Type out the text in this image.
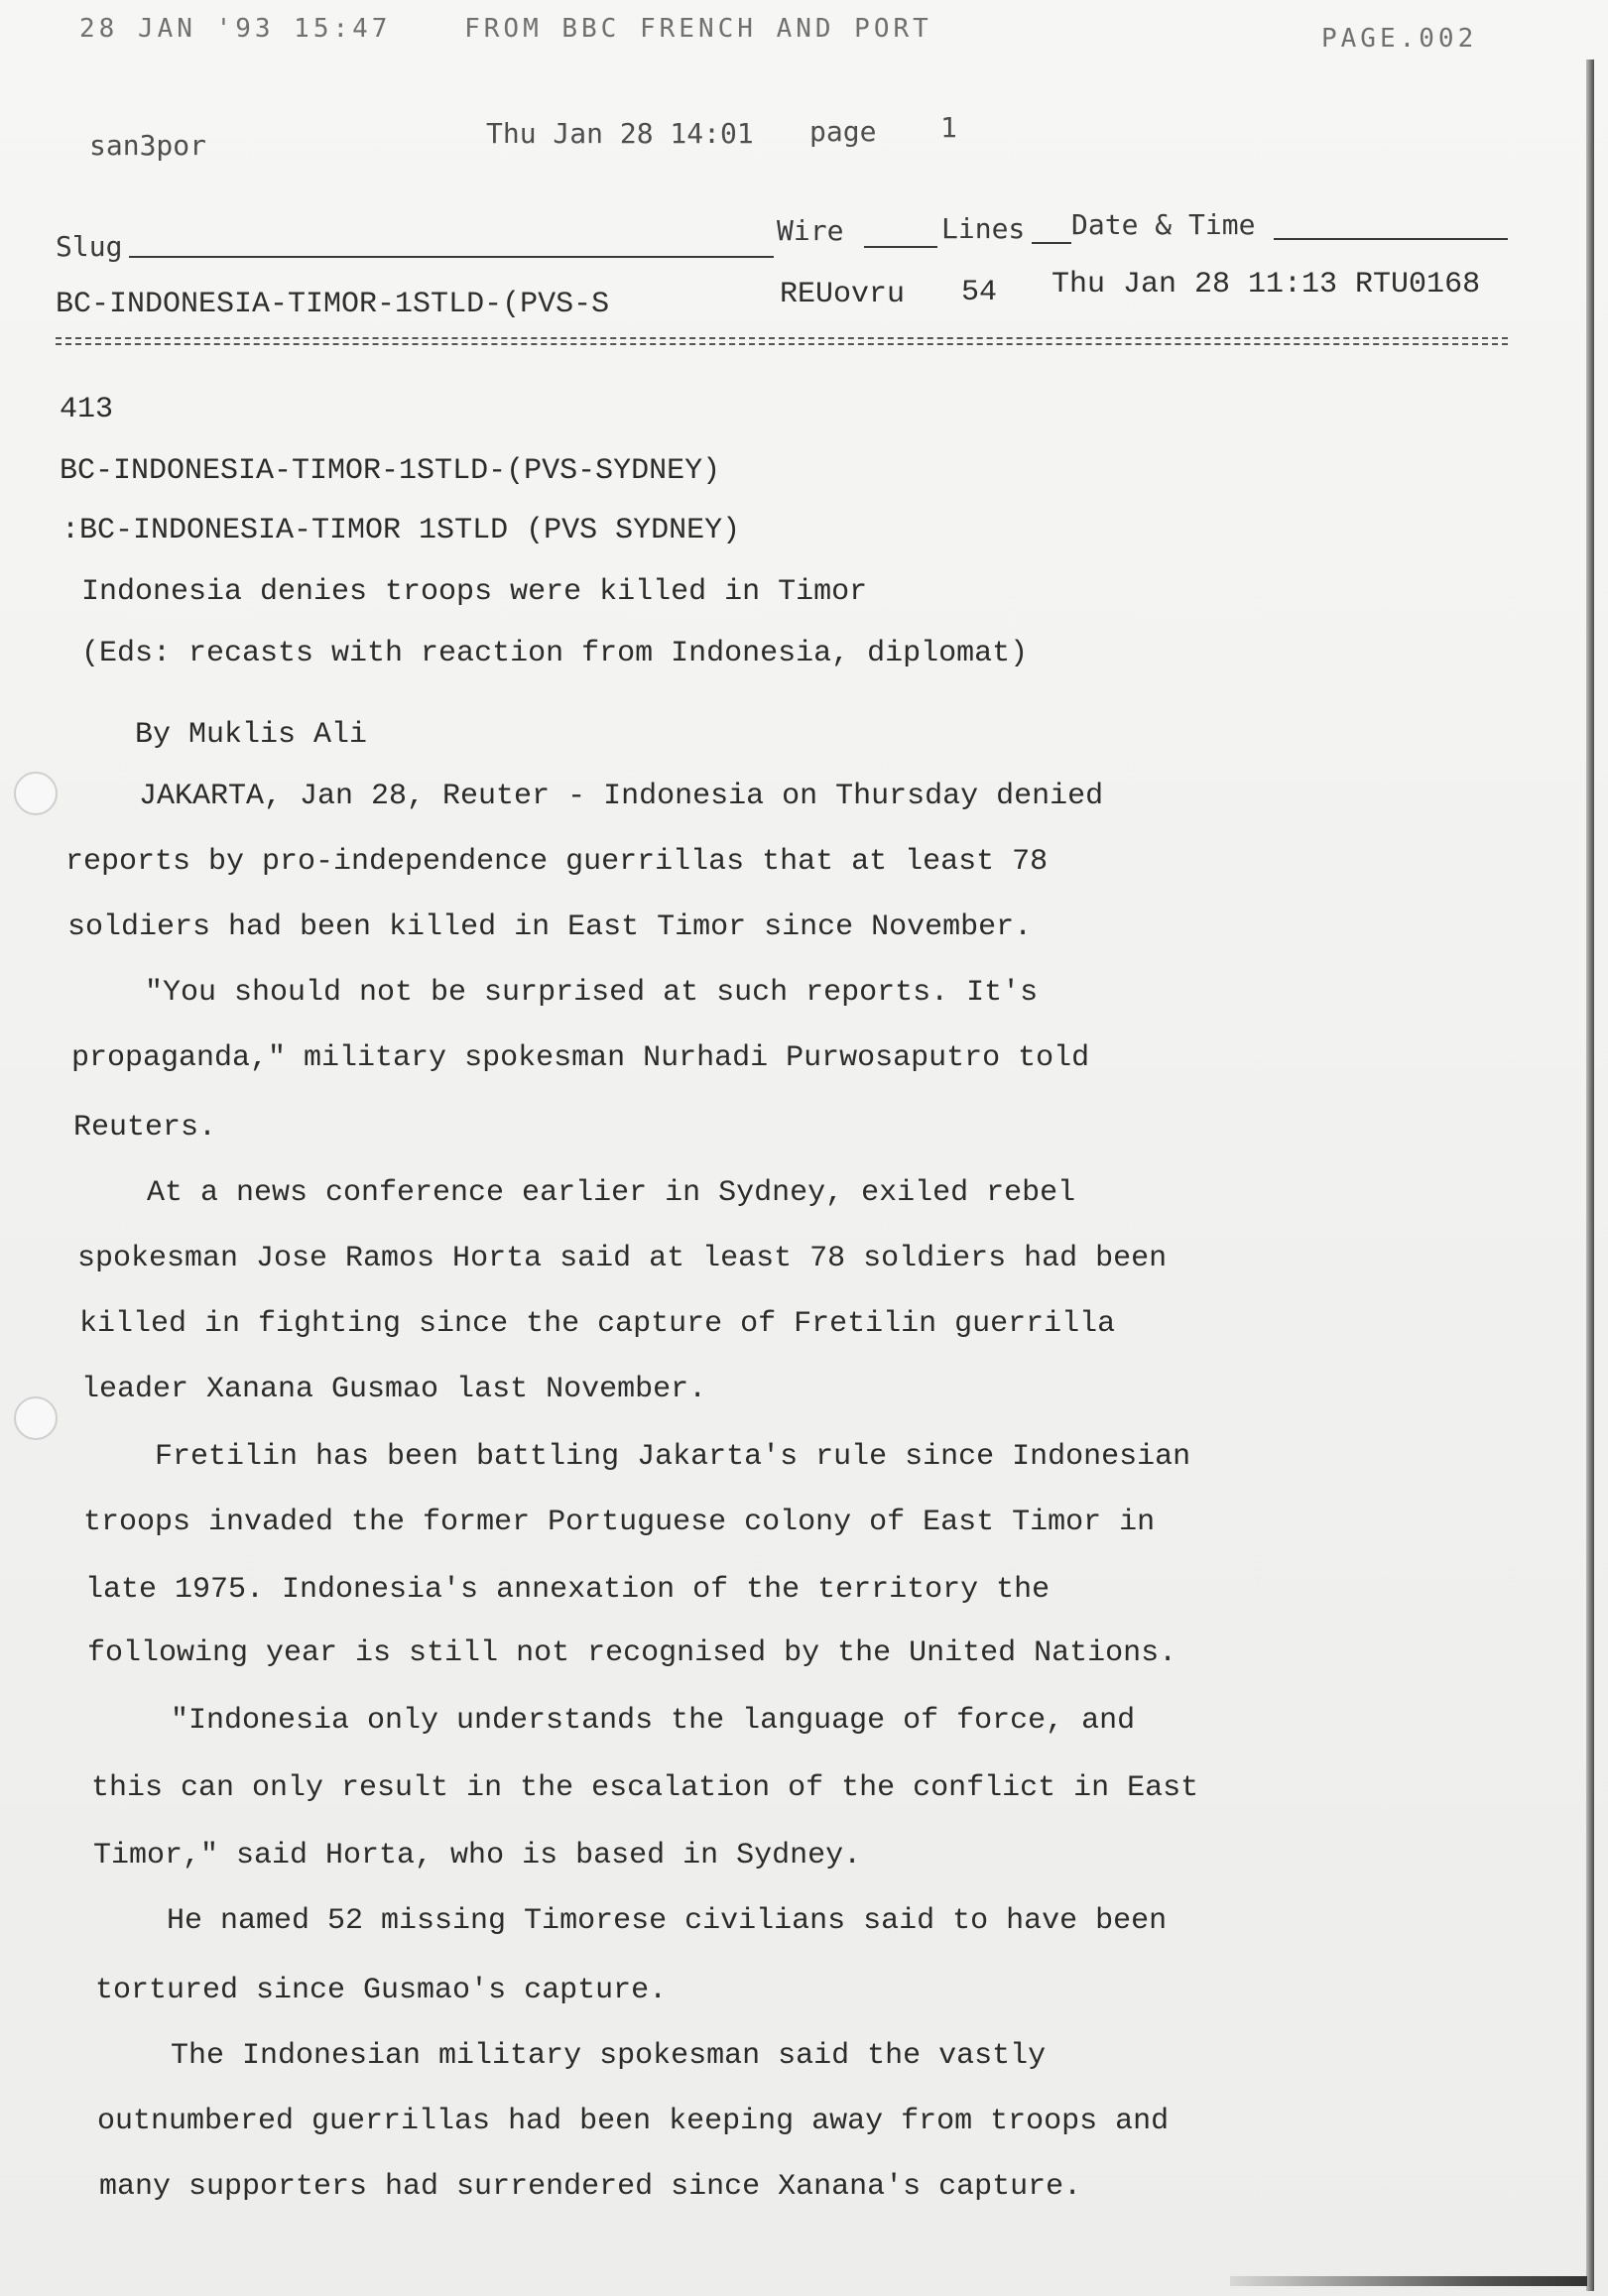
28 JAN '93 15:47	FROM BBC FRENCH AND PORT	PAGE.002
san3por	Thu Jan 28 14:01 page 1
Slug	Wire	Lines Date & Time
BC-INDONESIA-TIMOR-1STLD-(PVS-S	REUovru 54 Thu Jan 28 11:13 RTU0168
413
BC-INDONESIA-TIMOR-1STLD-(PVS-SYDNEY)
:BC-INDONESIA-TIMOR 1STLD (PVS SYDNEY)
Indonesia denies troops were killed in Timor
(Eds: recasts with reaction from Indonesia, diplomat)
By Muklis Ali
JAKARTA, Jan 28, Reuter - Indonesia on Thursday denied
reports by pro-independence guerrillas that at least 78
soldiers had been killed in East Timor since November.
"You should not be surprised at such reports. It's
propaganda," military spokesman Nurhadi Purwosaputro told
Reuters.
At a news conference earlier in Sydney, exiled rebel
spokesman Jose Ramos Horta said at least 78 soldiers had been
killed in fighting since the capture of Fretilin guerrilla
leader Xanana Gusmao last November.
Fretilin has been battling Jakarta's rule since Indonesian
troops invaded the former Portuguese colony of East Timor in
late 1975. Indonesia's annexation of the territory the
following year is still not recognised by the United Nations.
"Indonesia only understands the language of force, and
this can only result in the escalation of the conflict in East
Timor," said Horta, who is based in Sydney.
He named 52 missing Timorese civilians said to have been
tortured since Gusmao's capture.
The Indonesian military spokesman said the vastly
outnumbered guerrillas had been keeping away from troops and
many supporters had surrendered since Xanana's capture.
